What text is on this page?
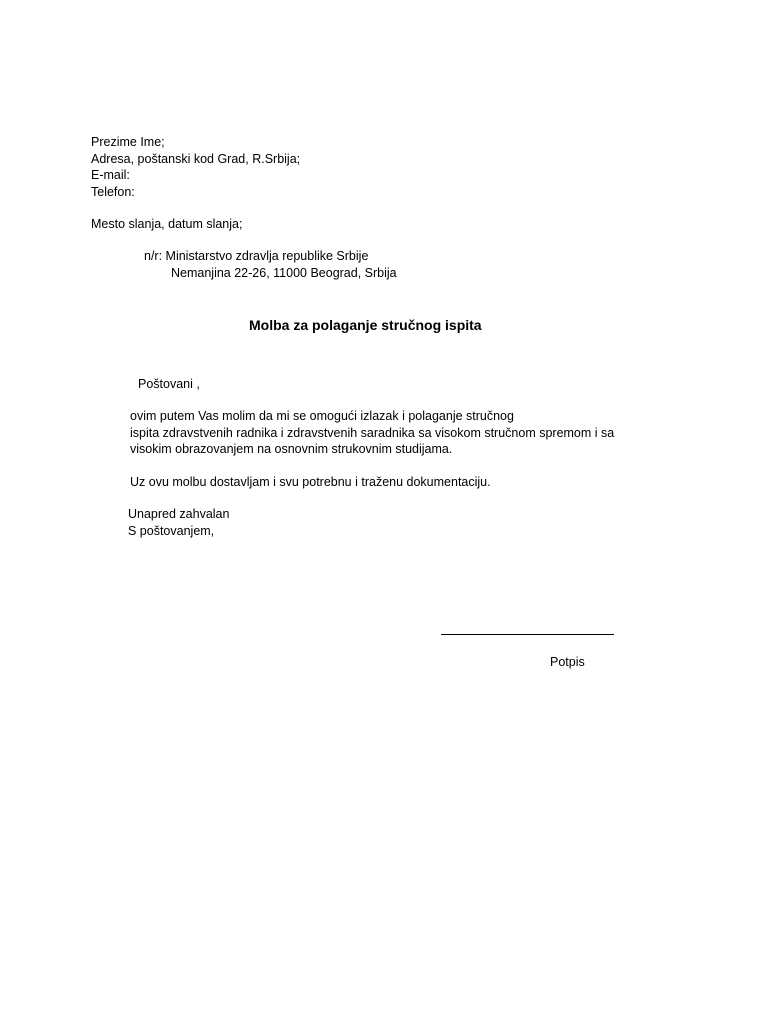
Prezime Ime;
Adresa, poštanski kod Grad, R.Srbija;
E-mail:
Telefon:
Mesto slanja, datum slanja;
n/r: Ministarstvo zdravlja republike Srbije
Nemanjina 22-26, 11000 Beograd, Srbija
Molba za polaganje stručnog ispita
Poštovani ,
ovim putem Vas molim da mi se omogući izlazak i polaganje stručnog
ispita zdravstvenih radnika i zdravstvenih saradnika sa visokom stručnom spremom i sa
visokim obrazovanjem na osnovnim strukovnim studijama.
Uz ovu molbu dostavljam i svu potrebnu i traženu dokumentaciju.
Unapred zahvalan
S poštovanjem,
Potpis
